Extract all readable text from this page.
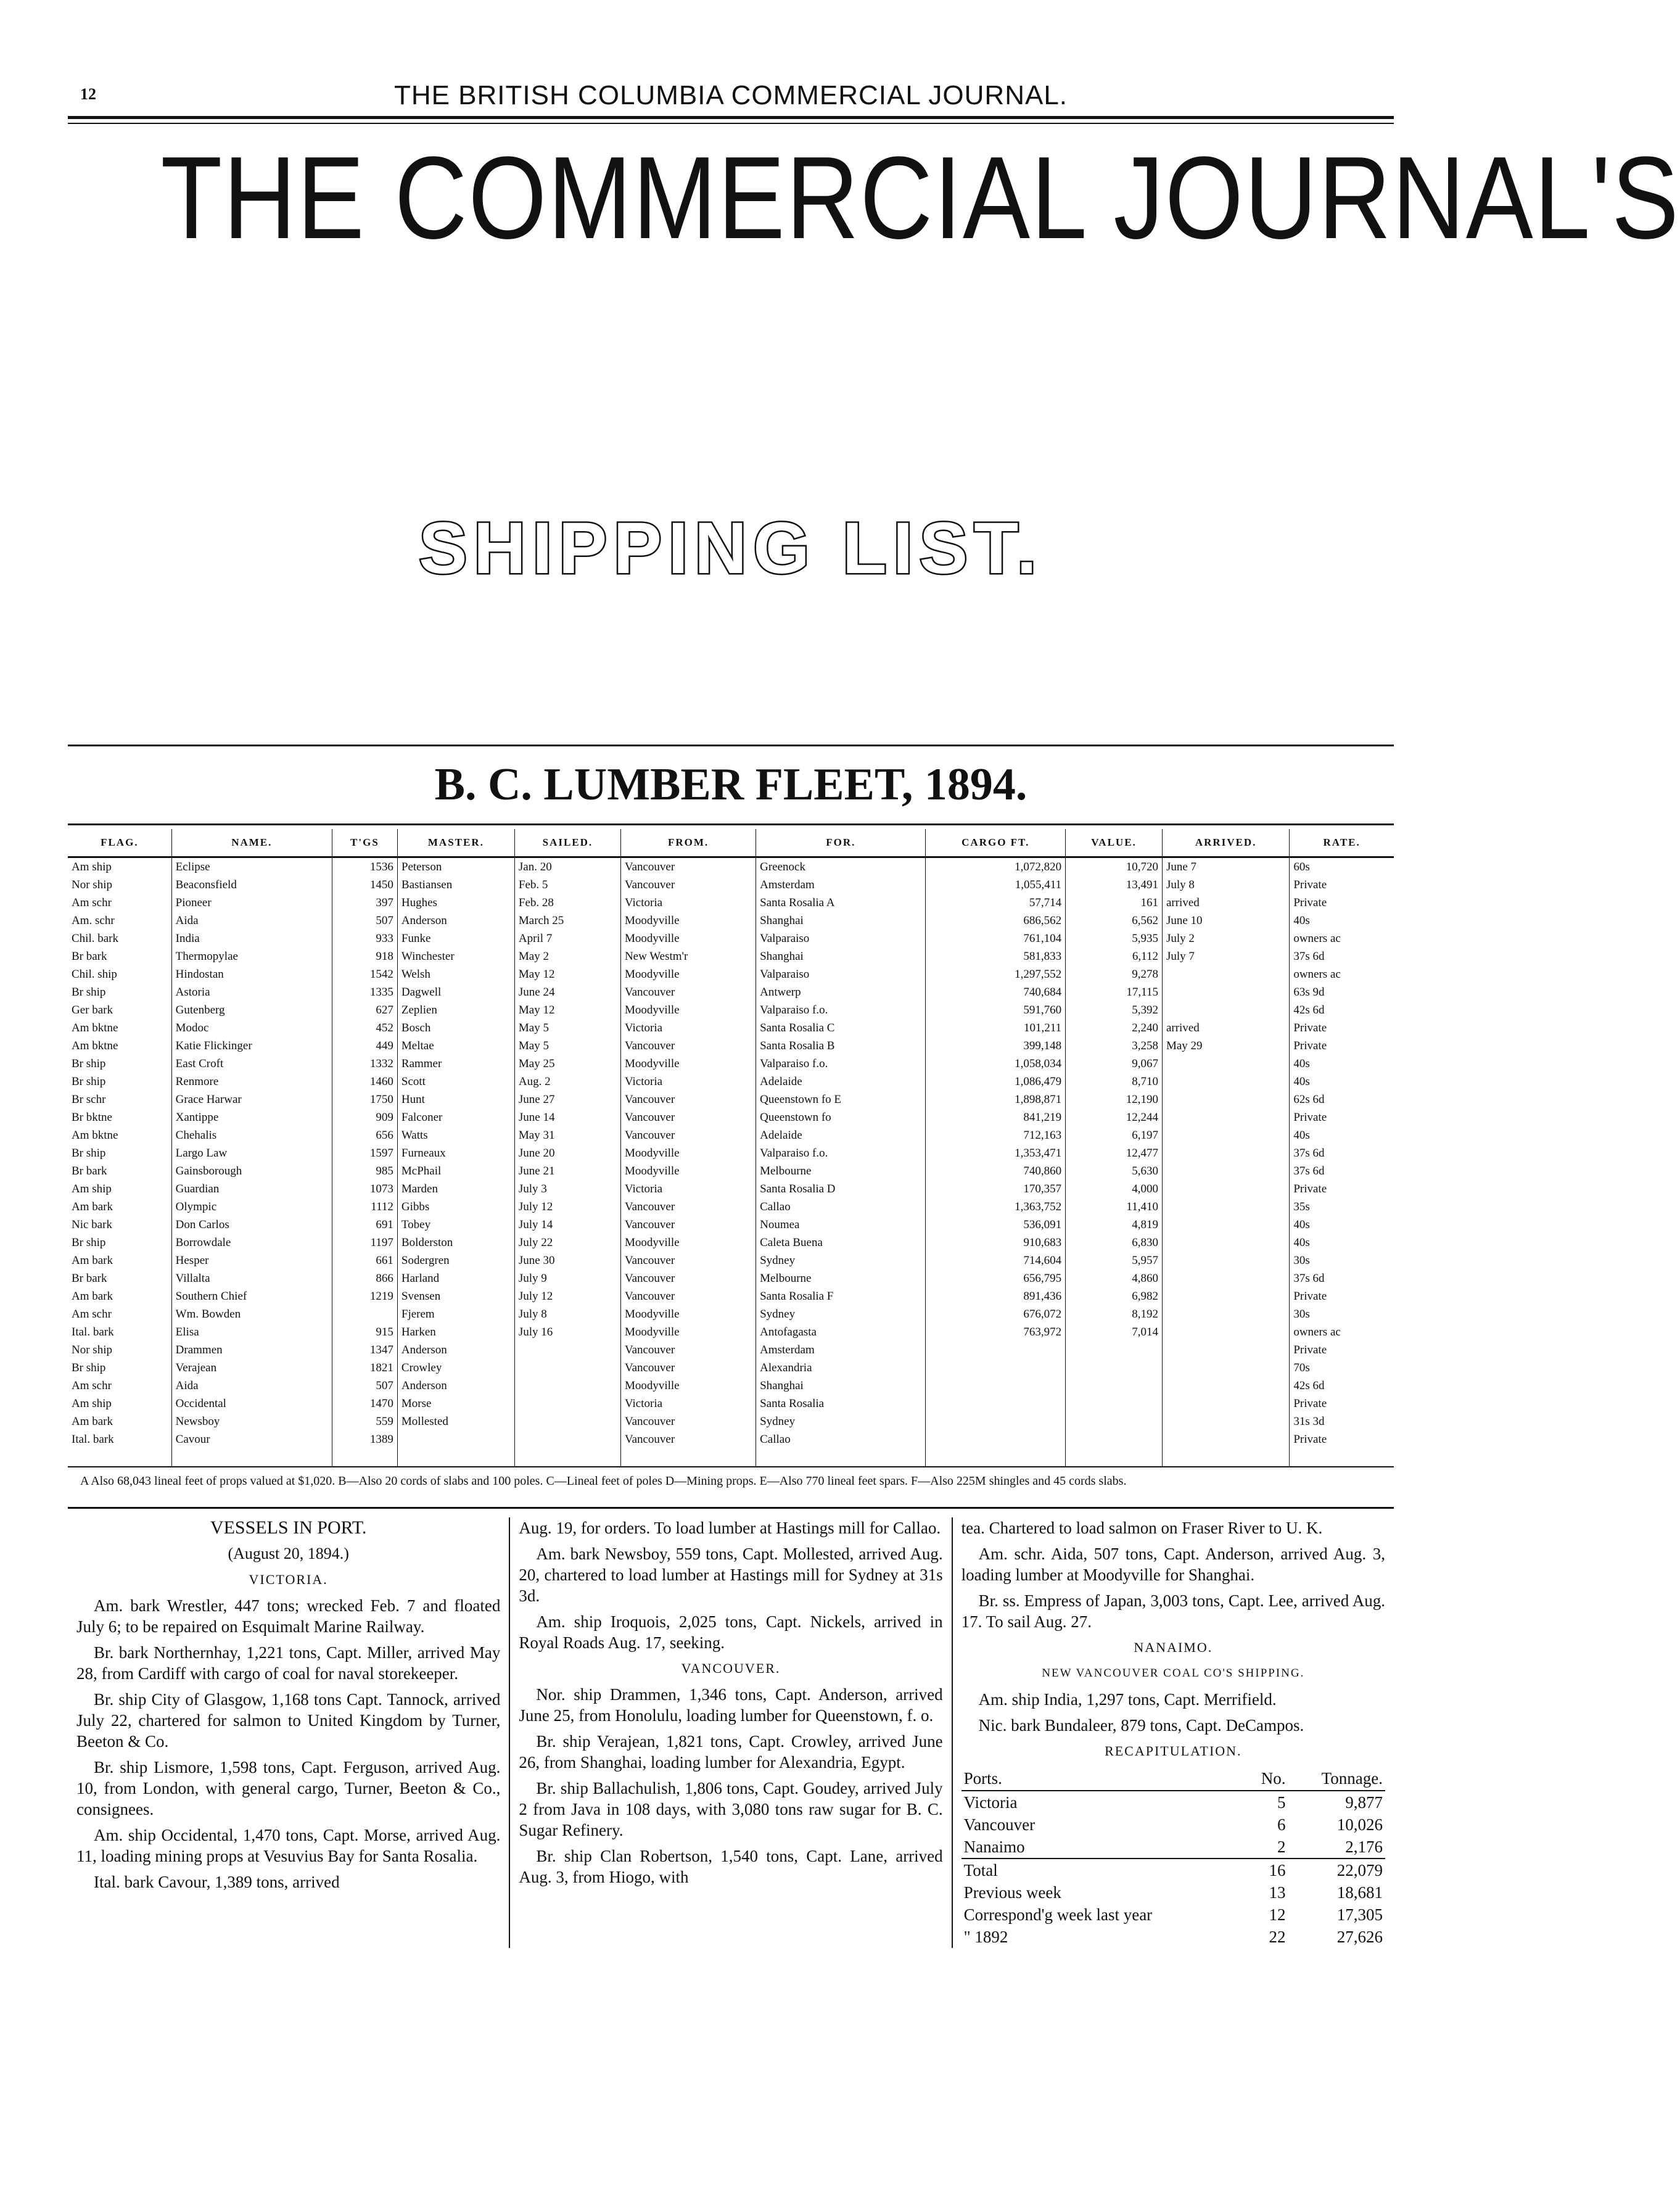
12	THE BRITISH COLUMBIA COMMERCIAL JOURNAL.
THE COMMERCIAL JOURNAL'S
SHIPPING LIST.
B. C. LUMBER FLEET, 1894.
FLAG.	NAME.	T'GS	MASTER.	SAILED.	FROM.	FOR.	CARGO FT.	VALUE.	ARRIVED.	RATE.
Am ship	Eclipse	1536	Peterson	Jan. 20	Vancouver	Greenock	1,072,820	10,720	June 7	60s
Nor ship	Beaconsfield	1450	Bastiansen	Feb. 5	Vancouver	Amsterdam	1,055,411	13,491	July 8	Private
Am schr	Pioneer	397	Hughes	Feb. 28	Victoria	Santa Rosalia A	57,714	161	arrived	Private
Am. schr	Aida	507	Anderson	March 25	Moodyville	Shanghai	686,562	6,562	June 10	40s
Chil. bark	India	933	Funke	April 7	Moodyville	Valparaiso	761,104	5,935	July 2	owners ac
Br bark	Thermopylae	918	Winchester	May 2	New Westm'r	Shanghai	581,833	6,112	July 7	37s 6d
Chil. ship	Hindostan	1542	Welsh	May 12	Moodyville	Valparaiso	1,297,552	9,278		owners ac
Br ship	Astoria	1335	Dagwell	June 24	Vancouver	Antwerp	740,684	17,115		63s 9d
Ger bark	Gutenberg	627	Zeplien	May 12	Moodyville	Valparaiso f.o.	591,760	5,392		42s 6d
Am bktne	Modoc	452	Bosch	May 5	Victoria	Santa Rosalia C	101,211	2,240	arrived	Private
Am bktne	Katie Flickinger	449	Meltae	May 5	Vancouver	Santa Rosalia B	399,148	3,258	May 29	Private
Br ship	East Croft	1332	Rammer	May 25	Moodyville	Valparaiso f.o.	1,058,034	9,067		40s
Br ship	Renmore	1460	Scott	Aug. 2	Victoria	Adelaide	1,086,479	8,710		40s
Br schr	Grace Harwar	1750	Hunt	June 27	Vancouver	Queenstown fo E	1,898,871	12,190		62s 6d
Br bktne	Xantippe	909	Falconer	June 14	Vancouver	Queenstown fo	841,219	12,244		Private
Am bktne	Chehalis	656	Watts	May 31	Vancouver	Adelaide	712,163	6,197		40s
Br ship	Largo Law	1597	Furneaux	June 20	Moodyville	Valparaiso f.o.	1,353,471	12,477		37s 6d
Br bark	Gainsborough	985	McPhail	June 21	Moodyville	Melbourne	740,860	5,630		37s 6d
Am ship	Guardian	1073	Marden	July 3	Victoria	Santa Rosalia D	170,357	4,000		Private
Am bark	Olympic	1112	Gibbs	July 12	Vancouver	Callao	1,363,752	11,410		35s
Nic bark	Don Carlos	691	Tobey	July 14	Vancouver	Noumea	536,091	4,819		40s
Br ship	Borrowdale	1197	Bolderston	July 22	Moodyville	Caleta Buena	910,683	6,830		40s
Am bark	Hesper	661	Sodergren	June 30	Vancouver	Sydney	714,604	5,957		30s
Br bark	Villalta	866	Harland	July 9	Vancouver	Melbourne	656,795	4,860		37s 6d
Am bark	Southern Chief	1219	Svensen	July 12	Vancouver	Santa Rosalia F	891,436	6,982		Private
Am schr	Wm. Bowden		Fjerem	July 8	Moodyville	Sydney	676,072	8,192		30s
Ital. bark	Elisa	915	Harken	July 16	Moodyville	Antofagasta	763,972	7,014		owners ac
Nor ship	Drammen	1347	Anderson		Vancouver	Amsterdam				Private
Br ship	Verajean	1821	Crowley		Vancouver	Alexandria				70s
Am schr	Aida	507	Anderson		Moodyville	Shanghai				42s 6d
Am ship	Occidental	1470	Morse		Victoria	Santa Rosalia				Private
Am bark	Newsboy	559	Mollested		Vancouver	Sydney				31s 3d
Ital. bark	Cavour	1389			Vancouver	Callao				Private

A Also 68,043 lineal feet of props valued at $1,020. B—Also 20 cords of slabs and 100 poles. C—Lineal feet of poles D—Mining props. E—Also 770 lineal feet spars. F—Also 225M shingles and 45 cords slabs.

VESSELS IN PORT.

(August 20, 1894.)

VICTORIA.

Am. bark Wrestler, 447 tons; wrecked Feb. 7 and floated July 6; to be repaired on Esquimalt Marine Railway.

Br. bark Northernhay, 1,221 tons, Capt. Miller, arrived May 28, from Cardiff with cargo of coal for naval storekeeper.

Br. ship City of Glasgow, 1,168 tons Capt. Tannock, arrived July 22, chartered for salmon to United Kingdom by Turner, Beeton & Co.

Br. ship Lismore, 1,598 tons, Capt. Ferguson, arrived Aug. 10, from London, with general cargo, Turner, Beeton & Co., consignees.

Am. ship Occidental, 1,470 tons, Capt. Morse, arrived Aug. 11, loading mining props at Vesuvius Bay for Santa Rosalia.

Ital. bark Cavour, 1,389 tons, arrived

Aug. 19, for orders. To load lumber at Hastings mill for Callao.

Am. bark Newsboy, 559 tons, Capt. Mollested, arrived Aug. 20, chartered to load lumber at Hastings mill for Sydney at 31s 3d.

Am. ship Iroquois, 2,025 tons, Capt. Nickels, arrived in Royal Roads Aug. 17, seeking.

VANCOUVER.

Nor. ship Drammen, 1,346 tons, Capt. Anderson, arrived June 25, from Honolulu, loading lumber for Queenstown, f. o.

Br. ship Verajean, 1,821 tons, Capt. Crowley, arrived June 26, from Shanghai, loading lumber for Alexandria, Egypt.

Br. ship Ballachulish, 1,806 tons, Capt. Goudey, arrived July 2 from Java in 108 days, with 3,080 tons raw sugar for B. C. Sugar Refinery.

Br. ship Clan Robertson, 1,540 tons, Capt. Lane, arrived Aug. 3, from Hiogo, with

tea. Chartered to load salmon on Fraser River to U. K.

Am. schr. Aida, 507 tons, Capt. Anderson, arrived Aug. 3, loading lumber at Moodyville for Shanghai.

Br. ss. Empress of Japan, 3,003 tons, Capt. Lee, arrived Aug. 17. To sail Aug. 27.

NANAIMO.

NEW VANCOUVER COAL CO'S SHIPPING.

Am. ship India, 1,297 tons, Capt. Merrifield.

Nic. bark Bundaleer, 879 tons, Capt. DeCampos.

RECAPITULATION.

Ports.	No.	Tonnage.
Victoria	5	9,877
Vancouver	6	10,026
Nanaimo	2	2,176
Total	16	22,079
Previous week	13	18,681
Correspond'g week last year	12	17,305
" 1892	22	27,626
